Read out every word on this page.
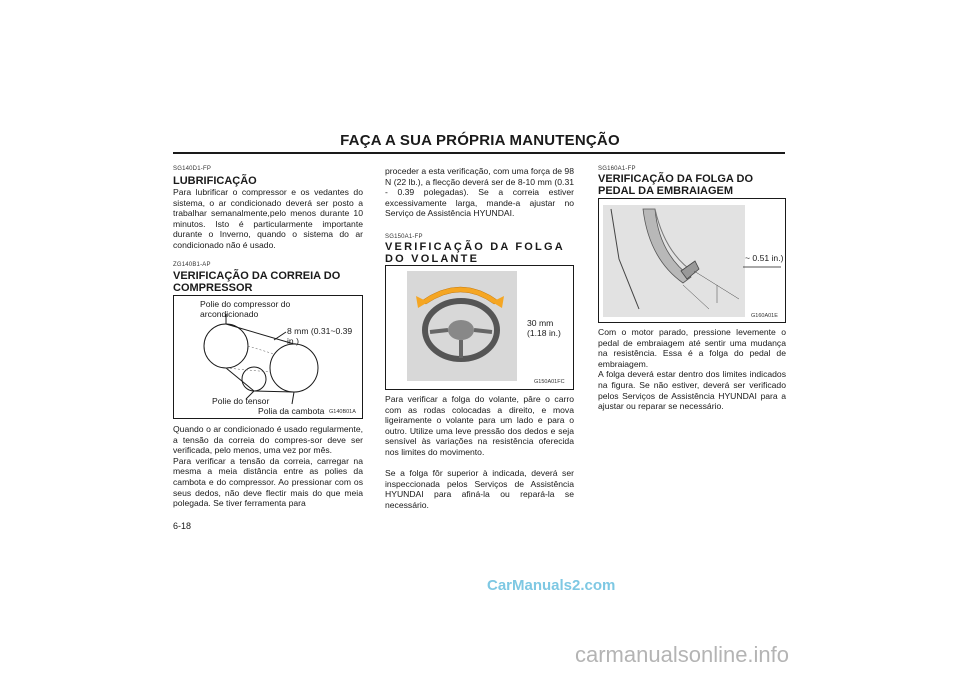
FAÇA A SUA PRÓPRIA MANUTENÇÃO
SG140D1-FP
LUBRIFICAÇÃO
Para lubrificar o compressor e os vedantes do sistema, o ar condicionado deverá ser posto a trabalhar semanalmente,pelo menos durante 10 minutos. Isto é particularmente importante durante o Inverno, quando o sistema do ar condicionado não é usado.
ZG140B1-AP
VERIFICAÇÃO DA CORREIA DO COMPRESSOR
Polie do compressor do arcondicionado
8 mm (0.31~0.39 in.)
Polie do tensor
Polia da cambota G140B01A

Quando o ar condicionado é usado regularmente, a tensão da correia do compres-sor deve ser verificada, pelo menos, uma vez por mês.

Para verificar a tensão da correia, carregar na mesma a meia distância entre as polies da cambota e do compressor. Ao pressionar com os seus dedos, não deve flectir mais do que meia polegada. Se tiver ferramenta para

6-18
proceder a esta verificação, com uma força de 98 N (22 lb.), a flecção deverá ser de 8-10 mm (0.31 - 0.39 polegadas). Se a correia estiver excessivamente larga, mande-a ajustar no Serviço de Assistência HYUNDAI.
SG150A1-FP
VERIFICAÇÃO DA FOLGA DO VOLANTE
30 mm (1.18 in.)
G150A01FC

Para verificar a folga do volante, pâre o carro com as rodas colocadas a direito, e mova ligeiramente o volante para um lado e para o outro. Utilize uma leve pressão dos dedos e seja sensível às variações na resistência oferecida nos limites do movimento.

Se a folga fôr superior à indicada, deverá ser inspeccionada pelos Serviços de Assistência HYUNDAI para afiná-la ou repará-la se necessário.

SG160A1-FP
VERIFICAÇÃO DA FOLGA DO PEDAL DA EMBRAIAGEM
~ 0.51 in.)
G160A01E

Com o motor parado, pressione levemente o pedal de embraiagem até sentir uma mudança na resistência. Essa é a folga do pedal de embraiagem.

A folga deverá estar dentro dos limites indicados na figura. Se não estiver, deverá ser verificado pelos Serviços de Assistência HYUNDAI para a ajustar ou reparar se necessário.

CarManuals2.com
carmanualsonline.info
